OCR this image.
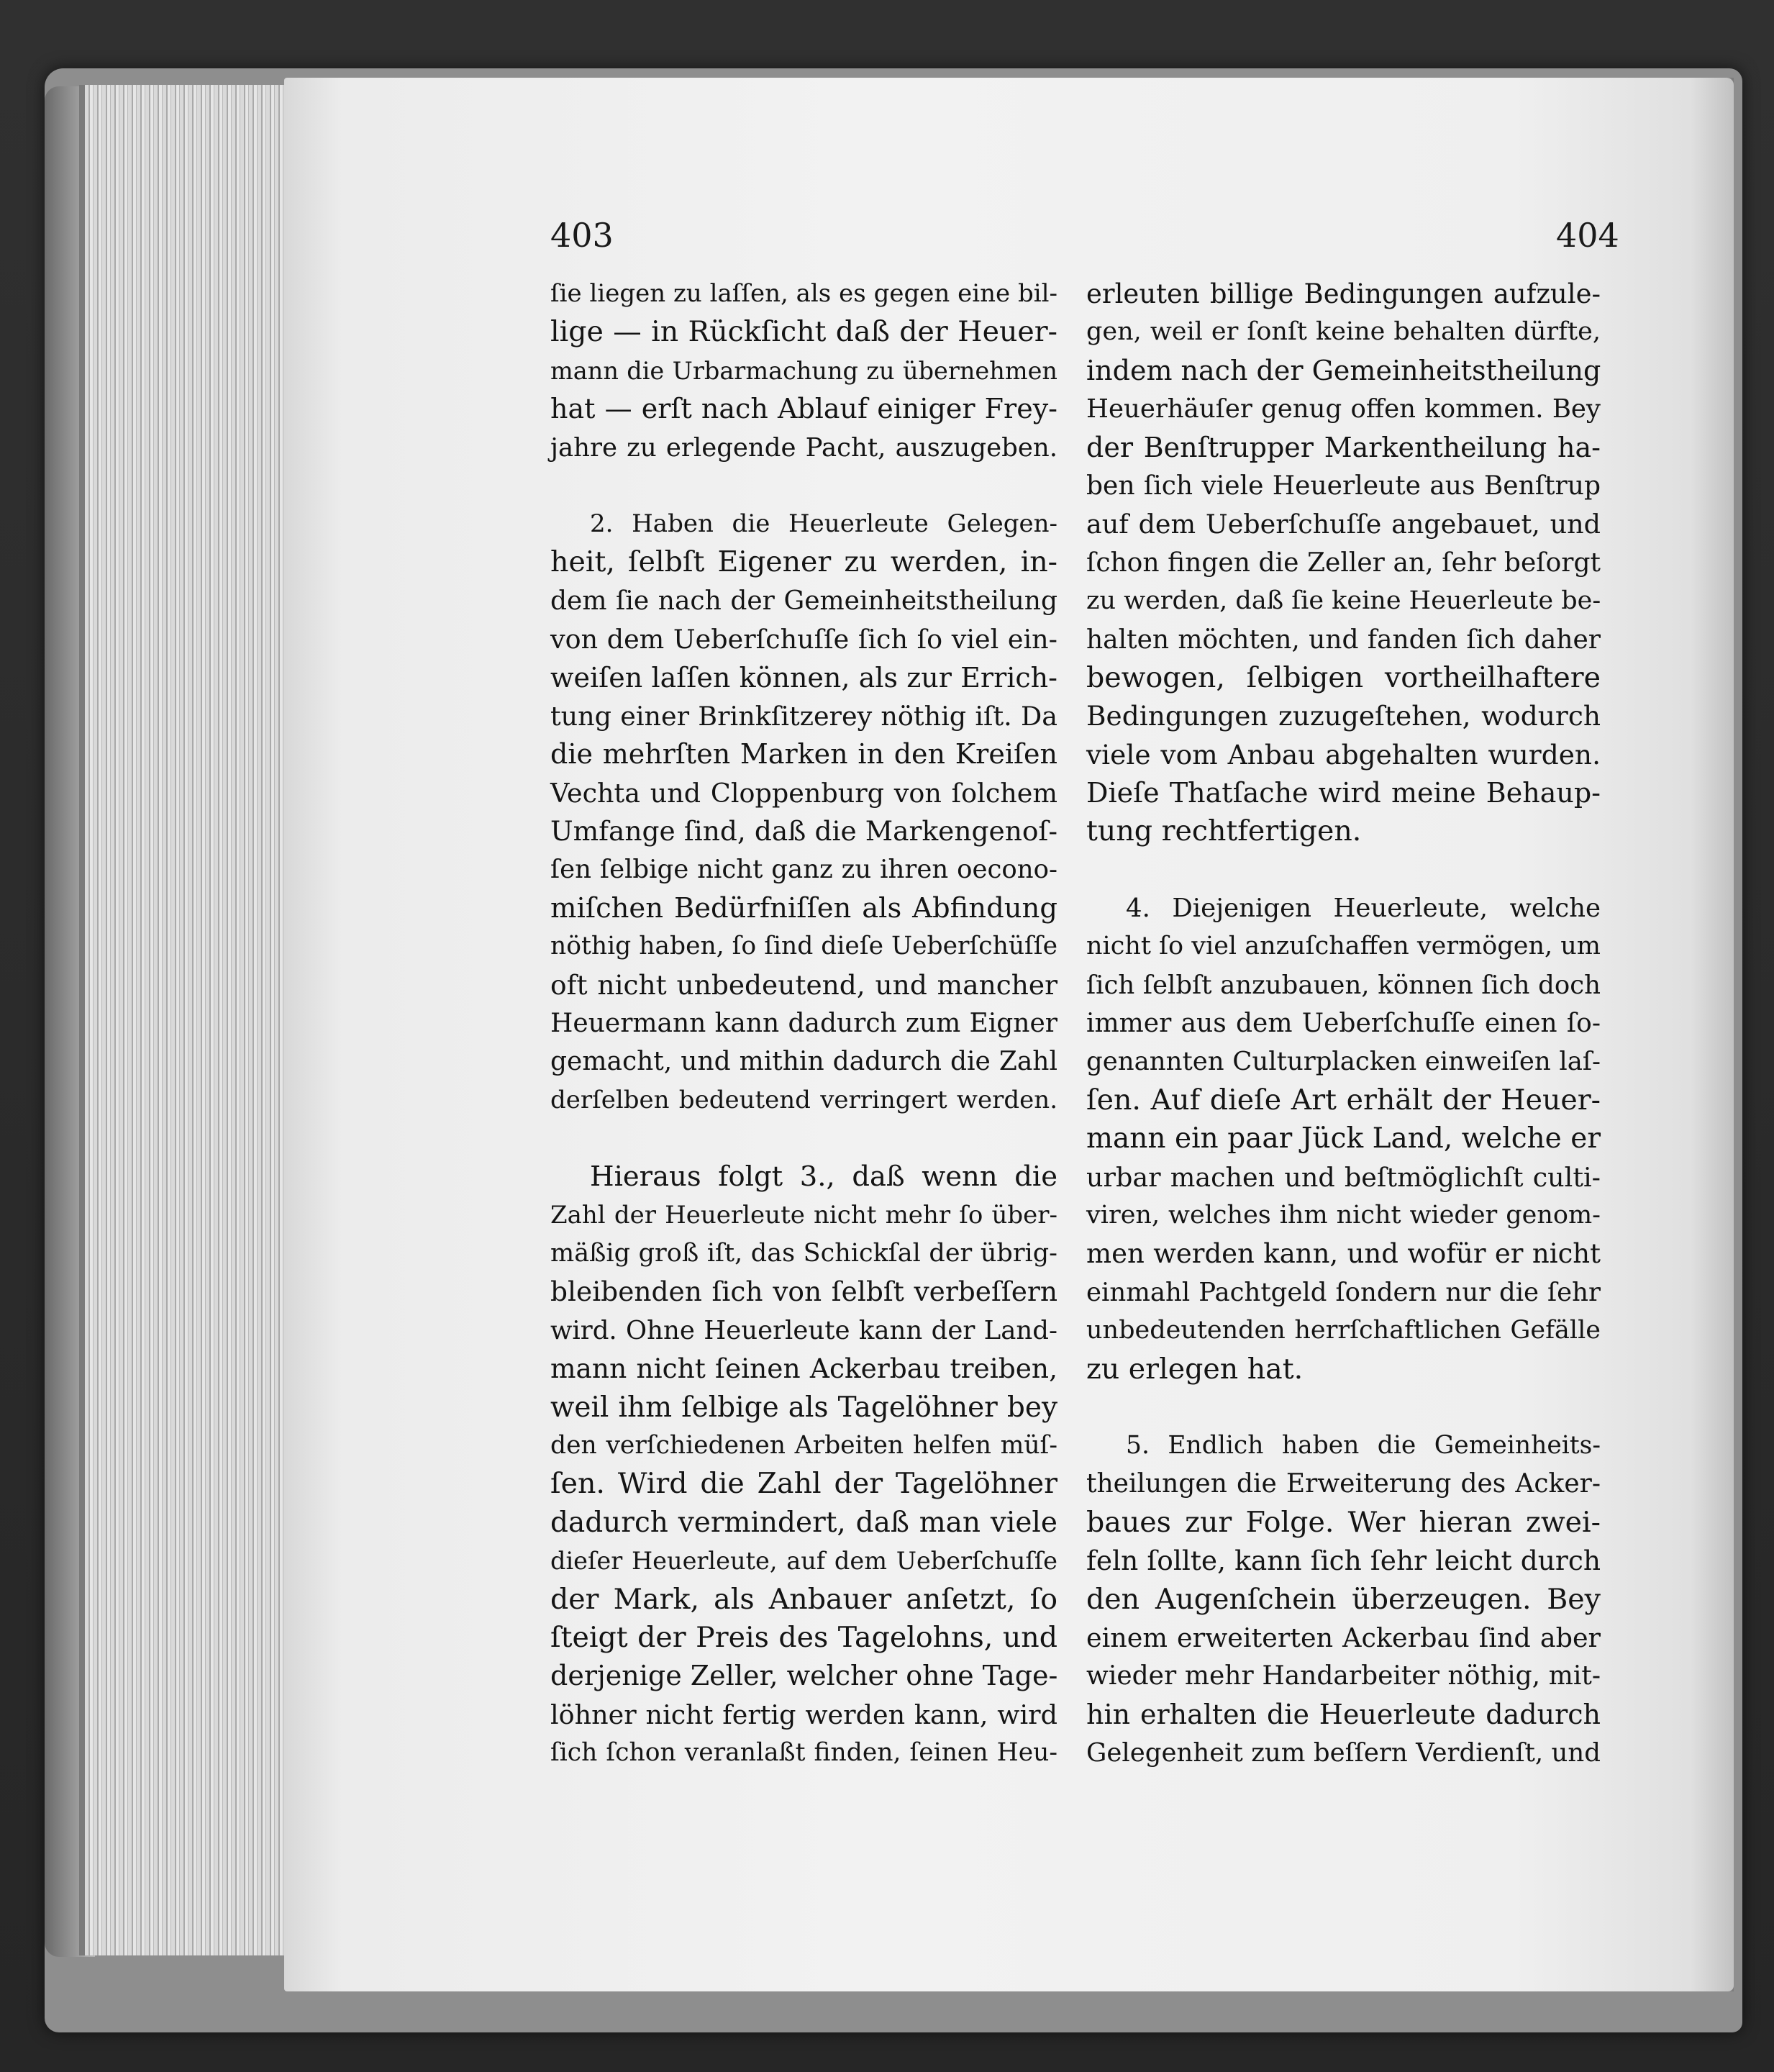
403	404
ſie liegen zu laſſen, als es gegen eine bil-
lige — in Rückſicht daß der Heuer-
mann die Urbarmachung zu übernehmen
hat — erſt nach Ablauf einiger Frey-
jahre zu erlegende Pacht, auszugeben.
2. Haben die Heuerleute Gelegen-
heit, ſelbſt Eigener zu werden, in-
dem ſie nach der Gemeinheitstheilung
von dem Ueberſchuſſe ſich ſo viel ein-
weiſen laſſen können, als zur Errich-
tung einer Brinkſitzerey nöthig iſt. Da
die mehrſten Marken in den Kreiſen
Vechta und Cloppenburg von ſolchem
Umfange ſind, daß die Markengenoſ-
ſen ſelbige nicht ganz zu ihren oecono-
miſchen Bedürfniſſen als Abfindung
nöthig haben, ſo ſind dieſe Ueberſchüſſe
oft nicht unbedeutend, und mancher
Heuermann kann dadurch zum Eigner
gemacht, und mithin dadurch die Zahl
derſelben bedeutend verringert werden.
Hieraus folgt 3., daß wenn die
Zahl der Heuerleute nicht mehr ſo über-
mäßig groß iſt, das Schickſal der übrig-
bleibenden ſich von ſelbſt verbeſſern
wird. Ohne Heuerleute kann der Land-
mann nicht ſeinen Ackerbau treiben,
weil ihm ſelbige als Tagelöhner bey
den verſchiedenen Arbeiten helfen müſ-
ſen. Wird die Zahl der Tagelöhner
dadurch vermindert, daß man viele
dieſer Heuerleute, auf dem Ueberſchuſſe
der Mark, als Anbauer anſetzt, ſo
ſteigt der Preis des Tagelohns, und
derjenige Zeller, welcher ohne Tage-
löhner nicht fertig werden kann, wird
ſich ſchon veranlaßt finden, ſeinen Heu-
erleuten billige Bedingungen aufzule-
gen, weil er ſonſt keine behalten dürfte,
indem nach der Gemeinheitstheilung
Heuerhäuſer genug offen kommen. Bey
der Benſtrupper Markentheilung ha-
ben ſich viele Heuerleute aus Benſtrup
auf dem Ueberſchuſſe angebauet, und
ſchon fingen die Zeller an, ſehr beſorgt
zu werden, daß ſie keine Heuerleute be-
halten möchten, und fanden ſich daher
bewogen, ſelbigen vortheilhaftere
Bedingungen zuzugeſtehen, wodurch
viele vom Anbau abgehalten wurden.
Dieſe Thatſache wird meine Behaup-
tung rechtfertigen.
4. Diejenigen Heuerleute, welche
nicht ſo viel anzuſchaffen vermögen, um
ſich ſelbſt anzubauen, können ſich doch
immer aus dem Ueberſchuſſe einen ſo-
genannten Culturplacken einweiſen laſ-
ſen. Auf dieſe Art erhält der Heuer-
mann ein paar Jück Land, welche er
urbar machen und beſtmöglichſt culti-
viren, welches ihm nicht wieder genom-
men werden kann, und wofür er nicht
einmahl Pachtgeld ſondern nur die ſehr
unbedeutenden herrſchaftlichen Gefälle
zu erlegen hat.
5. Endlich haben die Gemeinheits-
theilungen die Erweiterung des Acker-
baues zur Folge. Wer hieran zwei-
feln ſollte, kann ſich ſehr leicht durch
den Augenſchein überzeugen. Bey
einem erweiterten Ackerbau ſind aber
wieder mehr Handarbeiter nöthig, mit-
hin erhalten die Heuerleute dadurch
Gelegenheit zum beſſern Verdienſt, und
